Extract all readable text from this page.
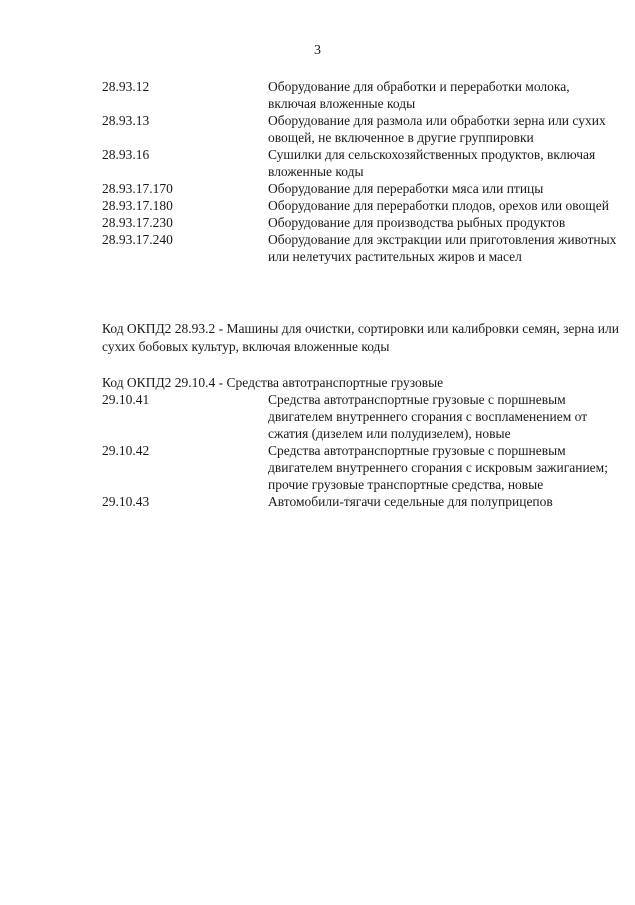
3
28.93.12	Оборудование для обработки и переработки молока, включая вложенные коды
28.93.13	Оборудование для размола или обработки зерна или сухих овощей, не включенное в другие группировки
28.93.16	Сушилки для сельскохозяйственных продуктов, включая вложенные коды
28.93.17.170	Оборудование для переработки мяса или птицы
28.93.17.180	Оборудование для переработки плодов, орехов или овощей
28.93.17.230	Оборудование для производства рыбных продуктов
28.93.17.240	Оборудование для экстракции или приготовления животных или нелетучих растительных жиров и масел
Код ОКПД2 28.93.2 - Машины для очистки, сортировки или калибровки семян, зерна или сухих бобовых культур, включая вложенные коды
Код ОКПД2 29.10.4 - Средства автотранспортные грузовые
29.10.41	Средства автотранспортные грузовые с поршневым двигателем внутреннего сгорания с воспламенением от сжатия (дизелем или полудизелем), новые
29.10.42	Средства автотранспортные грузовые с поршневым двигателем внутреннего сгорания с искровым зажиганием; прочие грузовые транспортные средства, новые
29.10.43	Автомобили-тягачи седельные для полуприцепов
